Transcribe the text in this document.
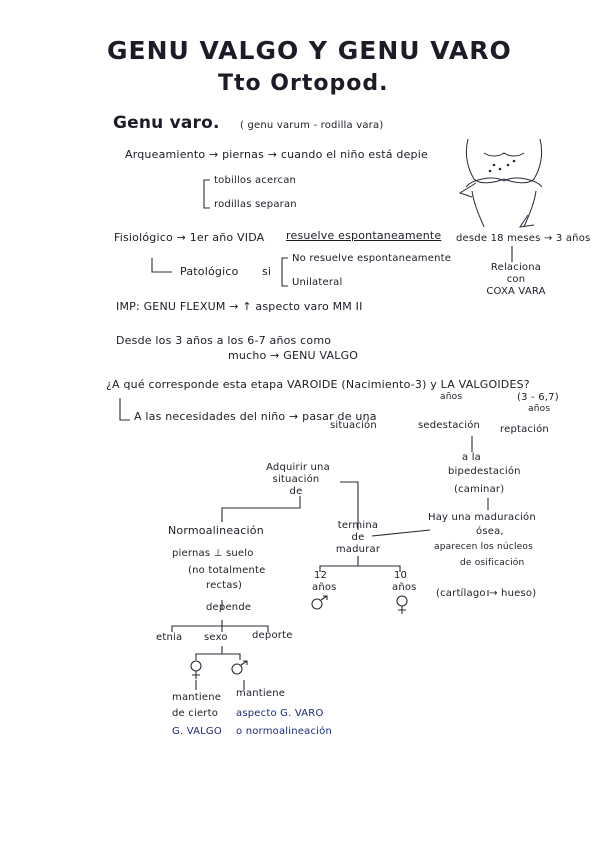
GENU VALGO Y GENU VARO
Tto Ortopod.
Genu varo. ( genu varum - rodilla vara)
Arqueamiento → piernas → cuando el niño está depie
tobillos acercan
rodillas separan
Fisiológico → 1er año VIDA resuelve espontaneamente desde 18 meses → 3 años
Patológico si
No resuelve espontaneamente
Unilateral
Relaciona
con
COXA VARA
IMP: GENU FLEXUM → ↑ aspecto varo MM II
Desde los 3 años a los 6-7 años como
mucho → GENU VALGO
¿A qué corresponde esta etapa VAROIDE (Nacimiento-3) y LA VALGOIDES?
años	(3 - 6,7)
años
A las necesidades del niño → pasar de una
situación	sedestación reptación
Adquirir una
situación
de
a la
bipedestación
(caminar)
Hay una maduración
ósea,
aparecen los núcleos
de osificación
(cartílago → hueso)
termina
de
madurar
12
años
10
años
Normoalineación
piernas ⊥ suelo
(no totalmente
rectas)
depende
etnia sexo deporte
mantiene
de cierto
G. VALGO
mantiene
aspecto G. VARO
o normoalineación
